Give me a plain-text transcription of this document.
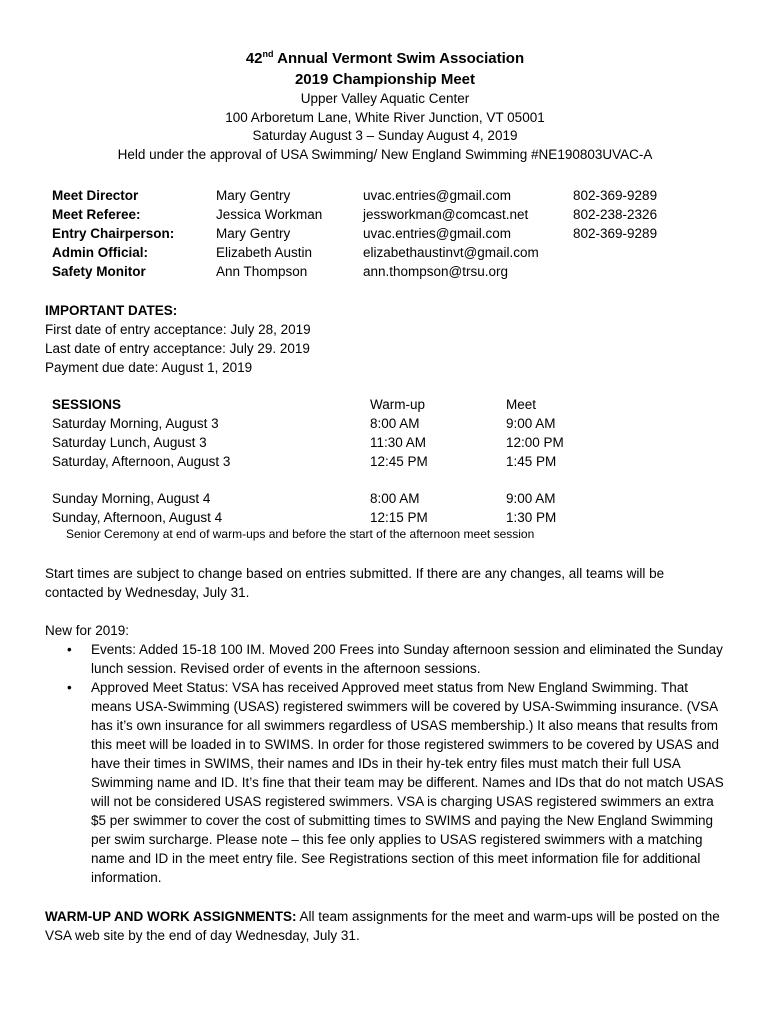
42nd Annual Vermont Swim Association
2019 Championship Meet
Upper Valley Aquatic Center
100 Arboretum Lane, White River Junction, VT 05001
Saturday August 3 – Sunday August 4, 2019
Held under the approval of USA Swimming/ New England Swimming #NE190803UVAC-A
Meet Director	Mary Gentry	uvac.entries@gmail.com	802-369-9289
Meet Referee:	Jessica Workman	jessworkman@comcast.net	802-238-2326
Entry Chairperson:	Mary Gentry	uvac.entries@gmail.com	802-369-9289
Admin Official:	Elizabeth Austin	elizabethaustinvt@gmail.com
Safety Monitor	Ann Thompson	ann.thompson@trsu.org
IMPORTANT DATES:
First date of entry acceptance: July 28, 2019
Last date of entry acceptance: July 29. 2019
Payment due date: August 1, 2019
SESSIONS	Warm-up	Meet
Saturday Morning, August 3	8:00 AM	9:00 AM
Saturday Lunch, August 3	11:30 AM	12:00 PM
Saturday, Afternoon, August 3	12:45 PM	1:45 PM
Sunday Morning, August 4	8:00 AM	9:00 AM
Sunday, Afternoon, August 4	12:15 PM	1:30 PM
Senior Ceremony at end of warm-ups and before the start of the afternoon meet session
Start times are subject to change based on entries submitted. If there are any changes, all teams will be contacted by Wednesday, July 31.
New for 2019:
• Events: Added 15-18 100 IM. Moved 200 Frees into Sunday afternoon session and eliminated the Sunday lunch session. Revised order of events in the afternoon sessions.
• Approved Meet Status: VSA has received Approved meet status from New England Swimming. That means USA-Swimming (USAS) registered swimmers will be covered by USA-Swimming insurance. (VSA has it’s own insurance for all swimmers regardless of USAS membership.) It also means that results from this meet will be loaded in to SWIMS. In order for those registered swimmers to be covered by USAS and have their times in SWIMS, their names and IDs in their hy-tek entry files must match their full USA Swimming name and ID. It’s fine that their team may be different. Names and IDs that do not match USAS will not be considered USAS registered swimmers. VSA is charging USAS registered swimmers an extra $5 per swimmer to cover the cost of submitting times to SWIMS and paying the New England Swimming per swim surcharge. Please note – this fee only applies to USAS registered swimmers with a matching name and ID in the meet entry file. See Registrations section of this meet information file for additional information.
WARM-UP AND WORK ASSIGNMENTS: All team assignments for the meet and warm-ups will be posted on the VSA web site by the end of day Wednesday, July 31.
